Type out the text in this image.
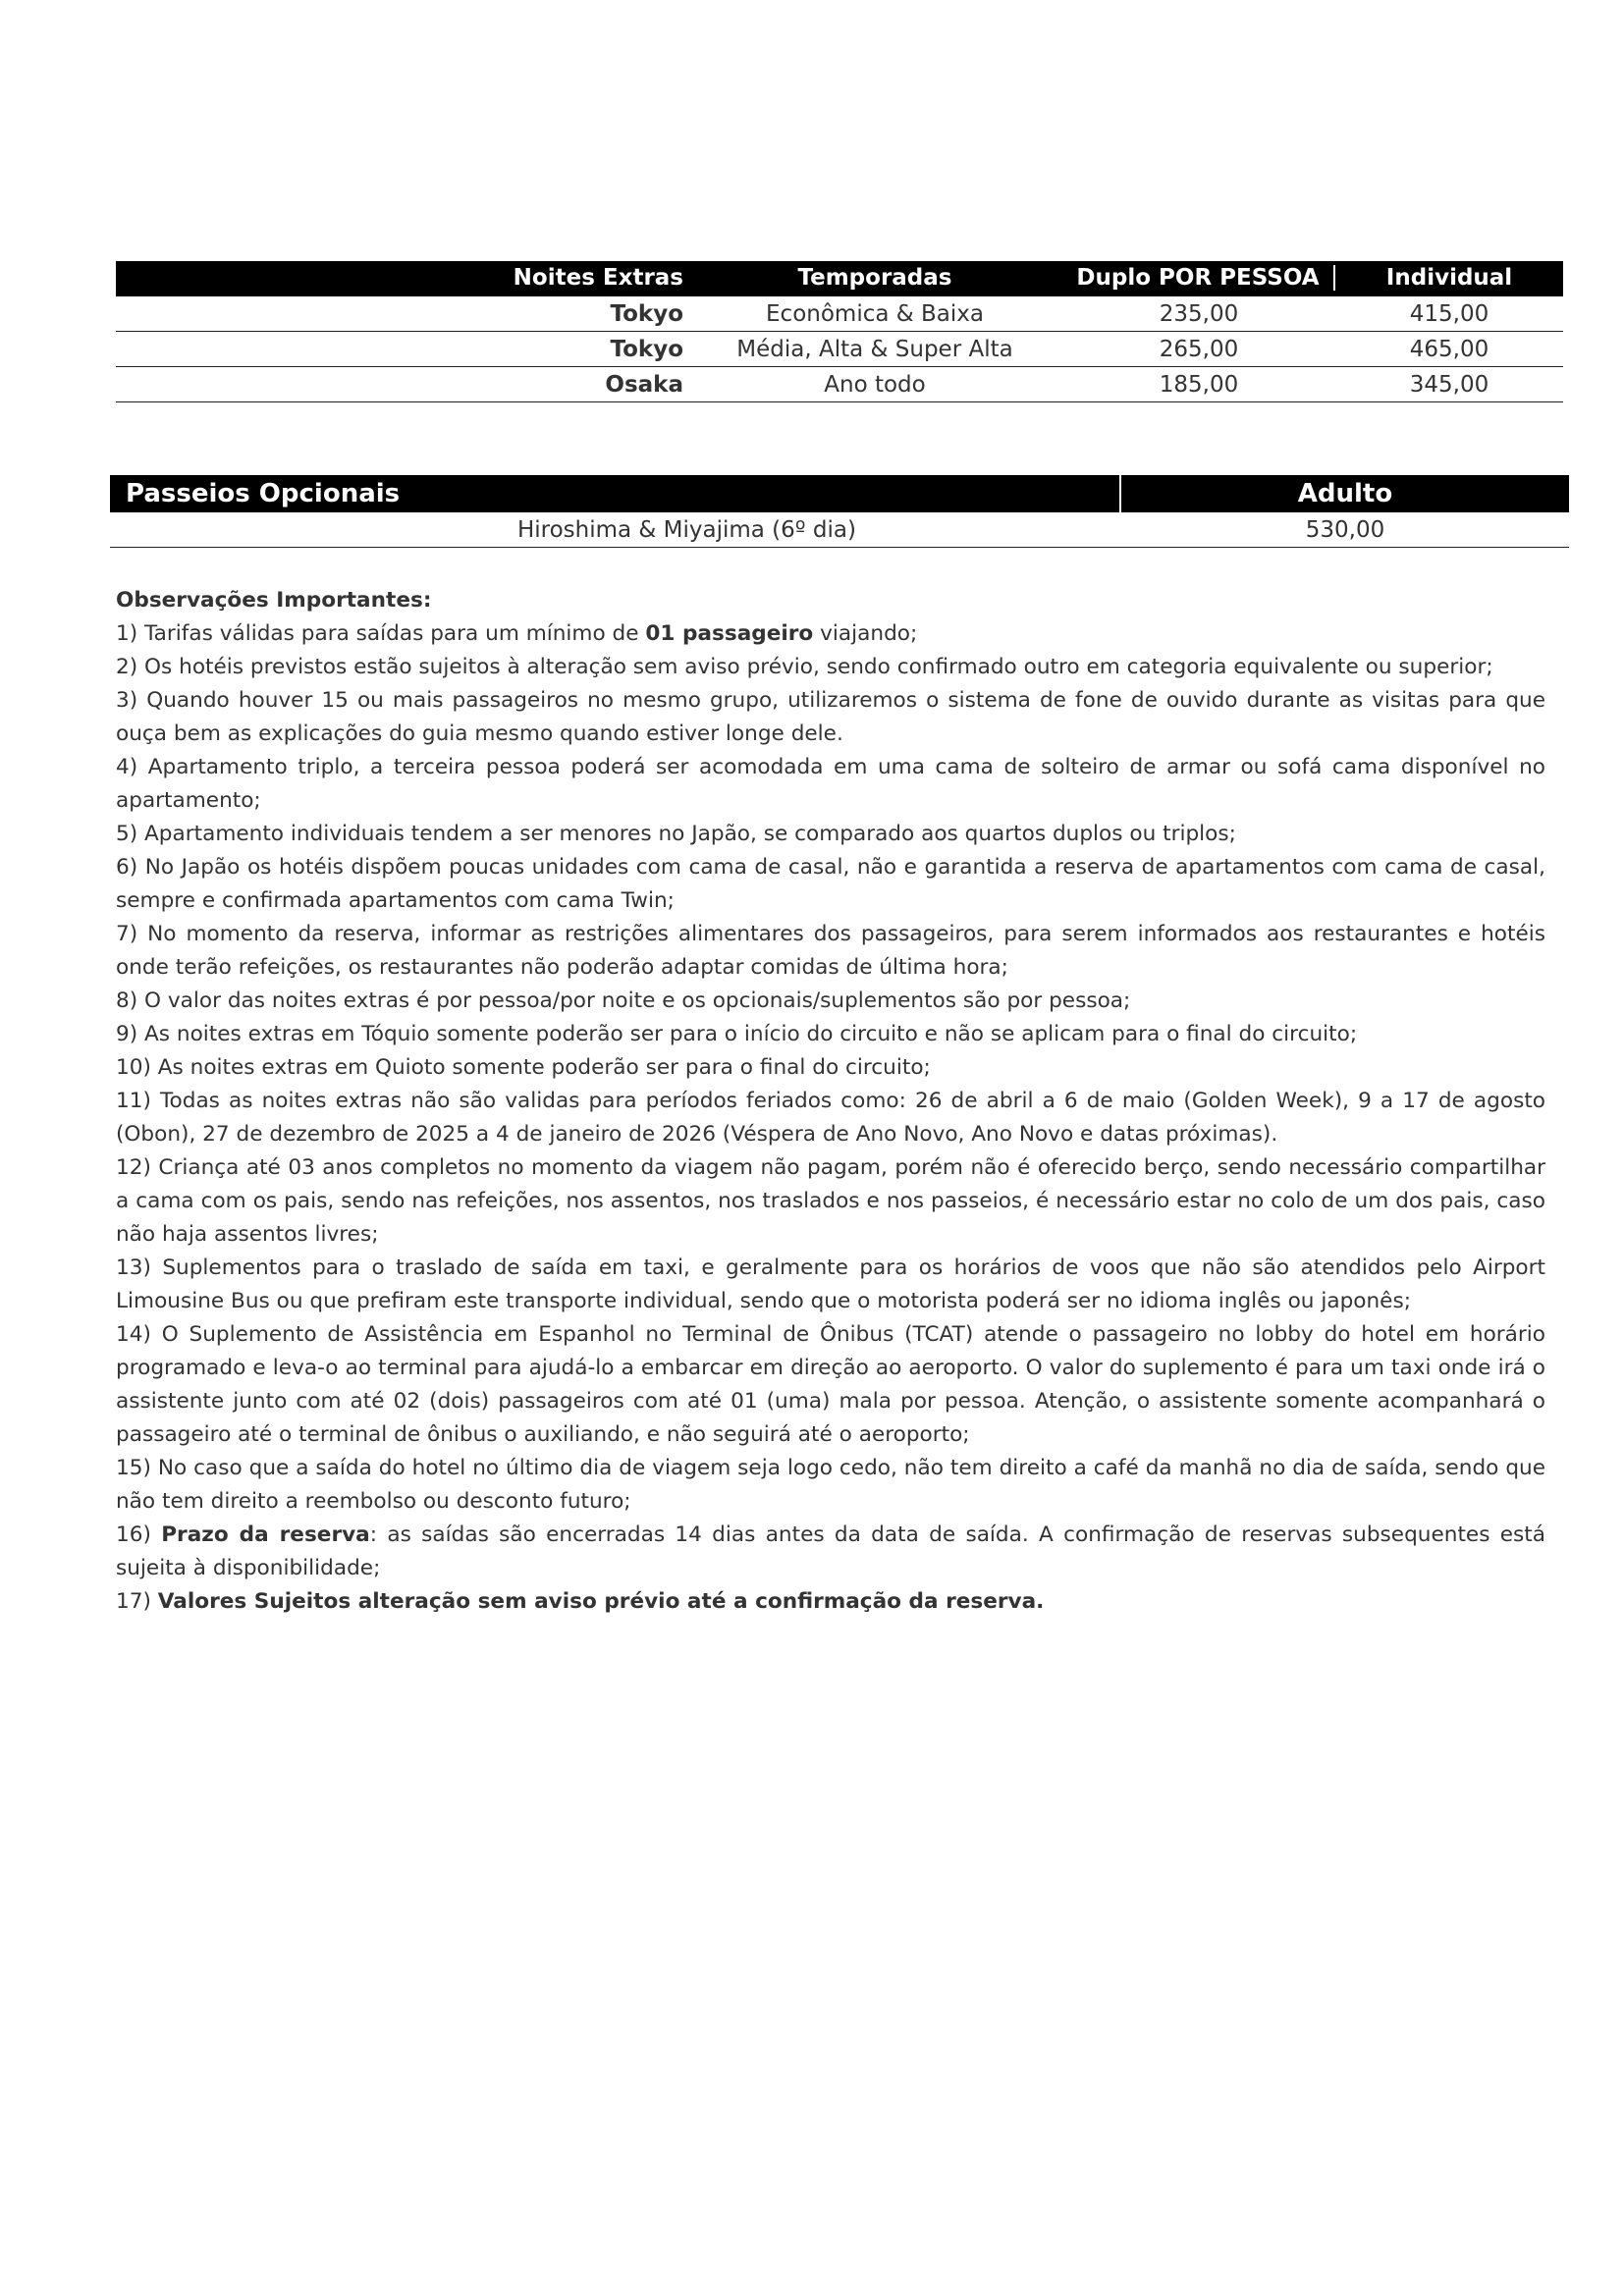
Noites Extras	Temporadas	Duplo POR PESSOA	Individual
Tokyo	Econômica & Baixa	235,00	415,00
Tokyo	Média, Alta & Super Alta	265,00	465,00
Osaka	Ano todo	185,00	345,00
Passeios Opcionais	Adulto
Hiroshima & Miyajima (6º dia)	530,00

Observações Importantes:

1) Tarifas válidas para saídas para um mínimo de 01 passageiro viajando;

2) Os hotéis previstos estão sujeitos à alteração sem aviso prévio, sendo confirmado outro em categoria equivalente ou superior;

3) Quando houver 15 ou mais passageiros no mesmo grupo, utilizaremos o sistema de fone de ouvido durante as visitas para que ouça bem as explicações do guia mesmo quando estiver longe dele.

4) Apartamento triplo, a terceira pessoa poderá ser acomodada em uma cama de solteiro de armar ou sofá cama disponível no apartamento;

5) Apartamento individuais tendem a ser menores no Japão, se comparado aos quartos duplos ou triplos;

6) No Japão os hotéis dispõem poucas unidades com cama de casal, não e garantida a reserva de apartamentos com cama de casal, sempre e confirmada apartamentos com cama Twin;

7) No momento da reserva, informar as restrições alimentares dos passageiros, para serem informados aos restaurantes e hotéis onde terão refeições, os restaurantes não poderão adaptar comidas de última hora;

8) O valor das noites extras é por pessoa/por noite e os opcionais/suplementos são por pessoa;

9) As noites extras em Tóquio somente poderão ser para o início do circuito e não se aplicam para o final do circuito;

10) As noites extras em Quioto somente poderão ser para o final do circuito;

11) Todas as noites extras não são validas para períodos feriados como: 26 de abril a 6 de maio (Golden Week), 9 a 17 de agosto (Obon), 27 de dezembro de 2025 a 4 de janeiro de 2026 (Véspera de Ano Novo, Ano Novo e datas próximas).

12) Criança até 03 anos completos no momento da viagem não pagam, porém não é oferecido berço, sendo necessário compartilhar a cama com os pais, sendo nas refeições, nos assentos, nos traslados e nos passeios, é necessário estar no colo de um dos pais, caso não haja assentos livres;

13) Suplementos para o traslado de saída em taxi, e geralmente para os horários de voos que não são atendidos pelo Airport Limousine Bus ou que prefiram este transporte individual, sendo que o motorista poderá ser no idioma inglês ou japonês;

14) O Suplemento de Assistência em Espanhol no Terminal de Ônibus (TCAT) atende o passageiro no lobby do hotel em horário programado e leva-o ao terminal para ajudá-lo a embarcar em direção ao aeroporto. O valor do suplemento é para um taxi onde irá o assistente junto com até 02 (dois) passageiros com até 01 (uma) mala por pessoa. Atenção, o assistente somente acompanhará o passageiro até o terminal de ônibus o auxiliando, e não seguirá até o aeroporto;

15) No caso que a saída do hotel no último dia de viagem seja logo cedo, não tem direito a café da manhã no dia de saída, sendo que não tem direito a reembolso ou desconto futuro;

16) Prazo da reserva: as saídas são encerradas 14 dias antes da data de saída. A confirmação de reservas subsequentes está sujeita à disponibilidade;

17) Valores Sujeitos alteração sem aviso prévio até a confirmação da reserva.
